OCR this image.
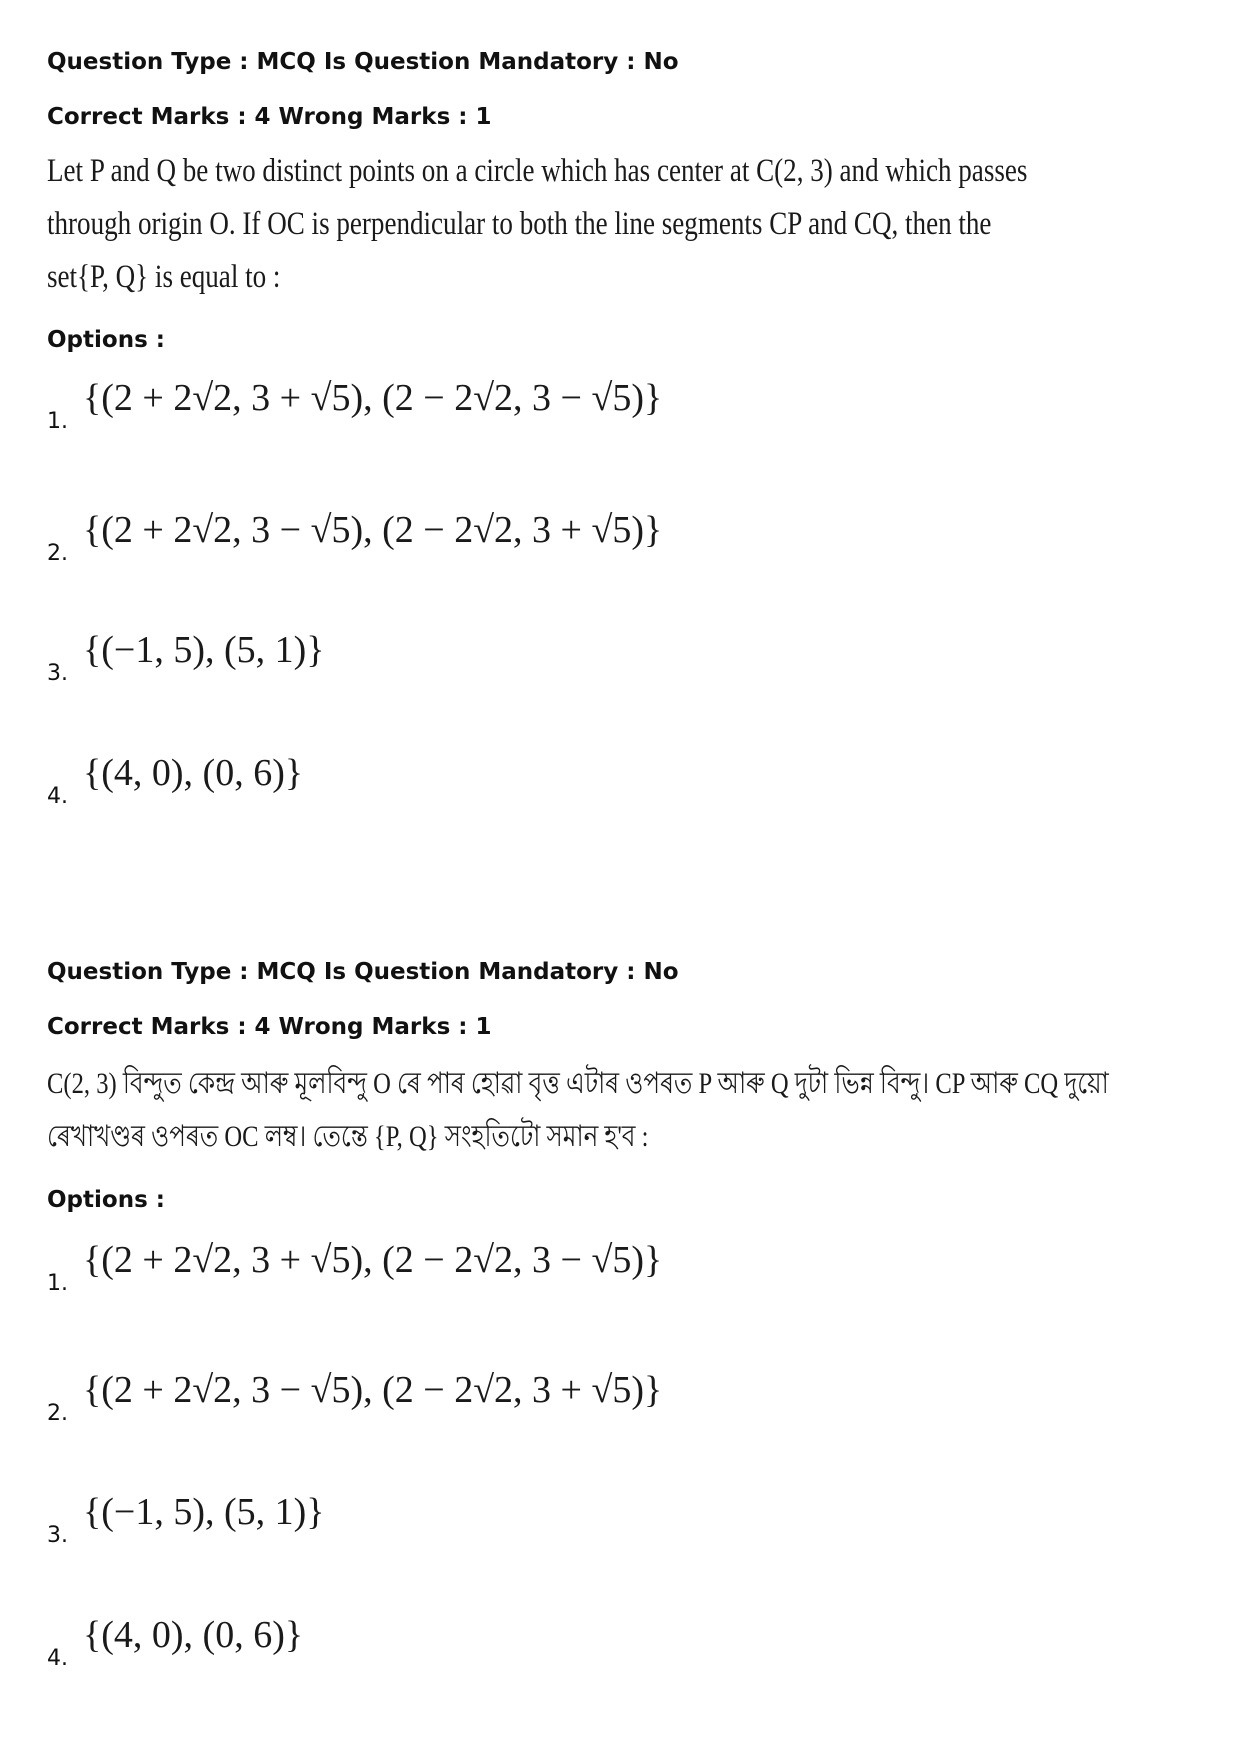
Question Type : MCQ Is Question Mandatory : No
Correct Marks : 4 Wrong Marks : 1

Let P and Q be two distinct points on a circle which has center at C(2, 3) and which passes

through origin O. If OC is perpendicular to both the line segments CP and CQ, then the

set{P, Q} is equal to :

Options :
1.
{(2 + 2√2, 3 + √5), (2 − 2√2, 3 − √5)}
2.
{(2 + 2√2, 3 − √5), (2 − 2√2, 3 + √5)}
3.
{(−1, 5), (5, 1)}
4.
{(4, 0), (0, 6)}
Question Type : MCQ Is Question Mandatory : No
Correct Marks : 4 Wrong Marks : 1

C(2, 3) বিন্দুত কেন্দ্ৰ আৰু মূলবিন্দু O ৰে পাৰ হোৱা বৃত্ত এটাৰ ওপৰত P আৰু Q দুটা ভিন্ন বিন্দু। CP আৰু CQ দুয়ো

ৰেখাখণ্ডৰ ওপৰত OC লম্ব। তেন্তে {P, Q} সংহতিটো সমান হ'ব :

Options :
1.
{(2 + 2√2, 3 + √5), (2 − 2√2, 3 − √5)}
2.
{(2 + 2√2, 3 − √5), (2 − 2√2, 3 + √5)}
3.
{(−1, 5), (5, 1)}
4.
{(4, 0), (0, 6)}
